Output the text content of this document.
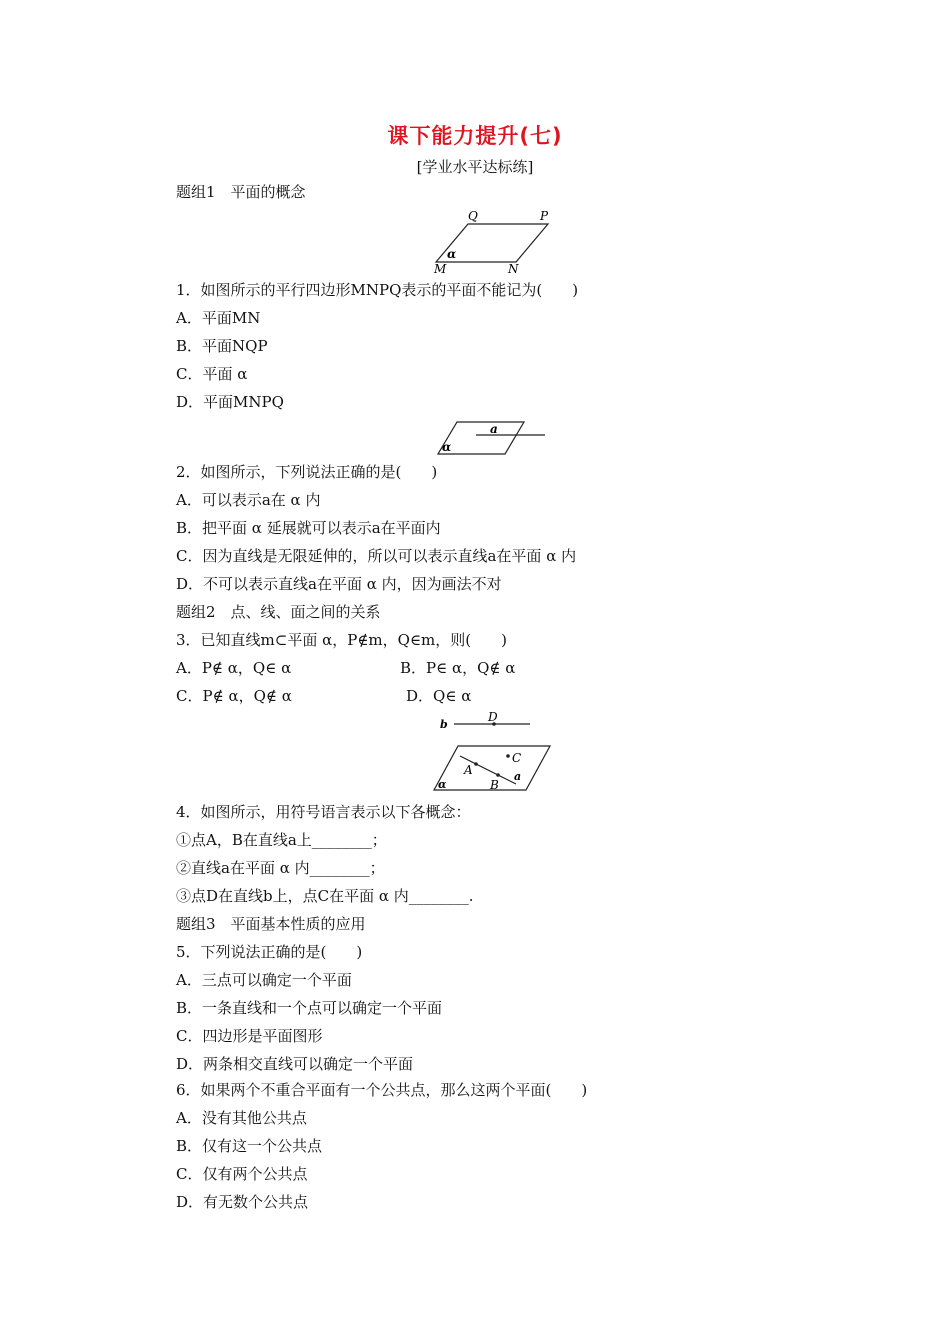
课下能力提升(七)
[学业水平达标练]
题组1　平面的概念
Q	P
α
M	N
1．如图所示的平行四边形MNPQ表示的平面不能记为(　　)
A．平面MN
B．平面NQP
C．平面 α
D．平面MNPQ
a
α
2．如图所示，下列说法正确的是(　　)
A．可以表示a在 α 内
B．把平面 α 延展就可以表示a在平面内
C．因为直线是无限延伸的，所以可以表示直线a在平面 α 内
D．不可以表示直线a在平面 α 内，因为画法不对
题组2　点、线、面之间的关系
3．已知直线m⊂平面 α，P∉m，Q∈m，则(　　)
A．P∉ α，Q∈ α	B．P∈ α，Q∉ α
C．P∉ α，Q∉ α	D．Q∈ α
b
D
C
A
B
a
α
4．如图所示，用符号语言表示以下各概念：
①点A，B在直线a上________；
②直线a在平面 α 内________；
③点D在直线b上，点C在平面 α 内________.
题组3　平面基本性质的应用
5．下列说法正确的是(　　)
A．三点可以确定一个平面
B．一条直线和一个点可以确定一个平面
C．四边形是平面图形
D．两条相交直线可以确定一个平面
6．如果两个不重合平面有一个公共点，那么这两个平面(　　)
A．没有其他公共点
B．仅有这一个公共点
C．仅有两个公共点
D．有无数个公共点
